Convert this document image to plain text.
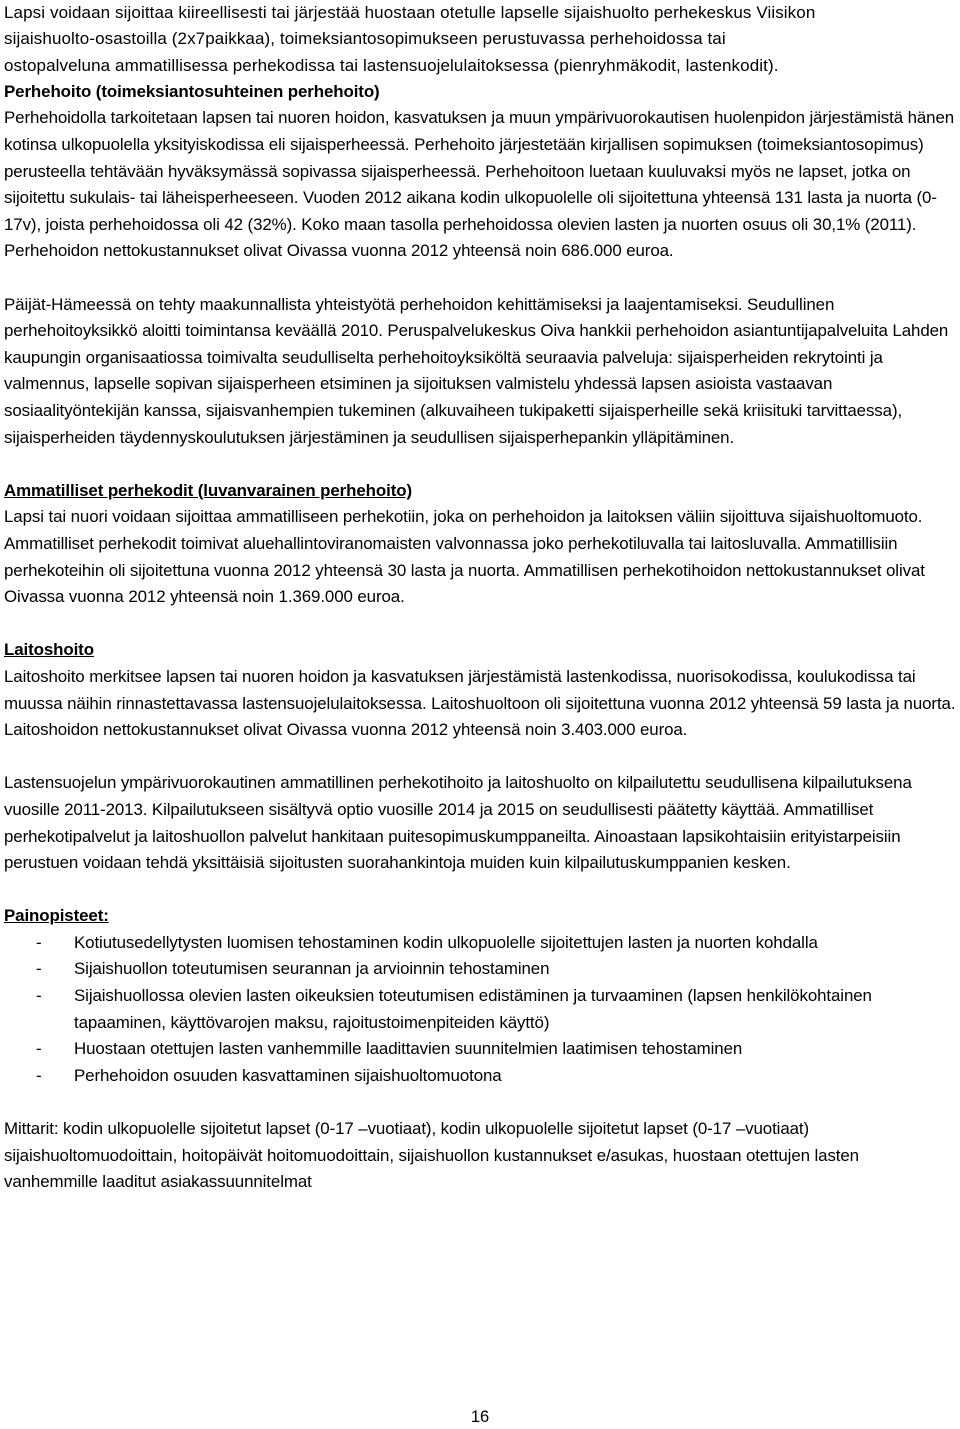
Lapsi voidaan sijoittaa kiireellisesti tai järjestää huostaan otetulle lapselle sijaishuolto perhekeskus Viisikon
sijaishuolto-osastoilla (2x7paikkaa), toimeksiantosopimukseen perustuvassa perhehoidossa tai
ostopalveluna ammatillisessa perhekodissa tai lastensuojelulaitoksessa (pienryhmäkodit, lastenkodit).
Perhehoito (toimeksiantosuhteinen perhehoito)

Perhehoidolla tarkoitetaan lapsen tai nuoren hoidon, kasvatuksen ja muun ympärivuorokautisen huolenpidon järjestämistä hänen kotinsa ulkopuolella yksityiskodissa eli sijaisperheessä. Perhehoito järjestetään kirjallisen sopimuksen (toimeksiantosopimus) perusteella tehtävään hyväksymässä sopivassa sijaisperheessä. Perhehoitoon luetaan kuuluvaksi myös ne lapset, jotka on sijoitettu sukulais- tai läheisperheeseen. Vuoden 2012 aikana kodin ulkopuolelle oli sijoitettuna yhteensä 131 lasta ja nuorta (0-17v), joista perhehoidossa oli 42 (32%). Koko maan tasolla perhehoidossa olevien lasten ja nuorten osuus oli 30,1% (2011). Perhehoidon nettokustannukset olivat Oivassa vuonna 2012 yhteensä noin 686.000 euroa.

Päijät-Hämeessä on tehty maakunnallista yhteistyötä perhehoidon kehittämiseksi ja laajentamiseksi. Seudullinen perhehoitoyksikkö aloitti toimintansa keväällä 2010. Peruspalvelukeskus Oiva hankkii perhehoidon asiantuntijapalveluita Lahden kaupungin organisaatiossa toimivalta seudulliselta perhehoitoyksiköltä seuraavia palveluja: sijaisperheiden rekrytointi ja valmennus, lapselle sopivan sijaisperheen etsiminen ja sijoituksen valmistelu yhdessä lapsen asioista vastaavan sosiaalityöntekijän kanssa, sijaisvanhempien tukeminen (alkuvaiheen tukipaketti sijaisperheille sekä kriisituki tarvittaessa), sijaisperheiden täydennyskoulutuksen järjestäminen ja seudullisen sijaisperhepankin ylläpitäminen.

Ammatilliset perhekodit (luvanvarainen perhehoito)

Lapsi tai nuori voidaan sijoittaa ammatilliseen perhekotiin, joka on perhehoidon ja laitoksen väliin sijoittuva sijaishuoltomuoto. Ammatilliset perhekodit toimivat aluehallintoviranomaisten valvonnassa joko perhekotiluvalla tai laitosluvalla. Ammatillisiin perhekoteihin oli sijoitettuna vuonna 2012 yhteensä 30 lasta ja nuorta. Ammatillisen perhekotihoidon nettokustannukset olivat Oivassa vuonna 2012 yhteensä noin 1.369.000 euroa.

Laitoshoito

Laitoshoito merkitsee lapsen tai nuoren hoidon ja kasvatuksen järjestämistä lastenkodissa, nuorisokodissa, koulukodissa tai muussa näihin rinnastettavassa lastensuojelulaitoksessa. Laitoshuoltoon oli sijoitettuna vuonna 2012 yhteensä 59 lasta ja nuorta. Laitoshoidon nettokustannukset olivat Oivassa vuonna 2012 yhteensä noin 3.403.000 euroa.

Lastensuojelun ympärivuorokautinen ammatillinen perhekotihoito ja laitoshuolto on kilpailutettu seudullisena kilpailutuksena vuosille 2011-2013. Kilpailutukseen sisältyvä optio vuosille 2014 ja 2015 on seudullisesti päätetty käyttää. Ammatilliset perhekotipalvelut ja laitoshuollon palvelut hankitaan puitesopimuskumppaneilta. Ainoastaan lapsikohtaisiin erityistarpeisiin perustuen voidaan tehdä yksittäisiä sijoitusten suorahankintoja muiden kuin kilpailutuskumppanien kesken.

Painopisteet:
- Kotiutusedellytysten luomisen tehostaminen kodin ulkopuolelle sijoitettujen lasten ja nuorten kohdalla
- Sijaishuollon toteutumisen seurannan ja arvioinnin tehostaminen
- Sijaishuollossa olevien lasten oikeuksien toteutumisen edistäminen ja turvaaminen (lapsen henkilökohtainen tapaaminen, käyttövarojen maksu, rajoitustoimenpiteiden käyttö)
- Huostaan otettujen lasten vanhemmille laadittavien suunnitelmien laatimisen tehostaminen
- Perhehoidon osuuden kasvattaminen sijaishuoltomuotona

Mittarit: kodin ulkopuolelle sijoitetut lapset (0-17 –vuotiaat), kodin ulkopuolelle sijoitetut lapset (0-17 –vuotiaat) sijaishuoltomuodoittain, hoitopäivät hoitomuodoittain, sijaishuollon kustannukset e/asukas, huostaan otettujen lasten vanhemmille laaditut asiakassuunnitelmat

16
